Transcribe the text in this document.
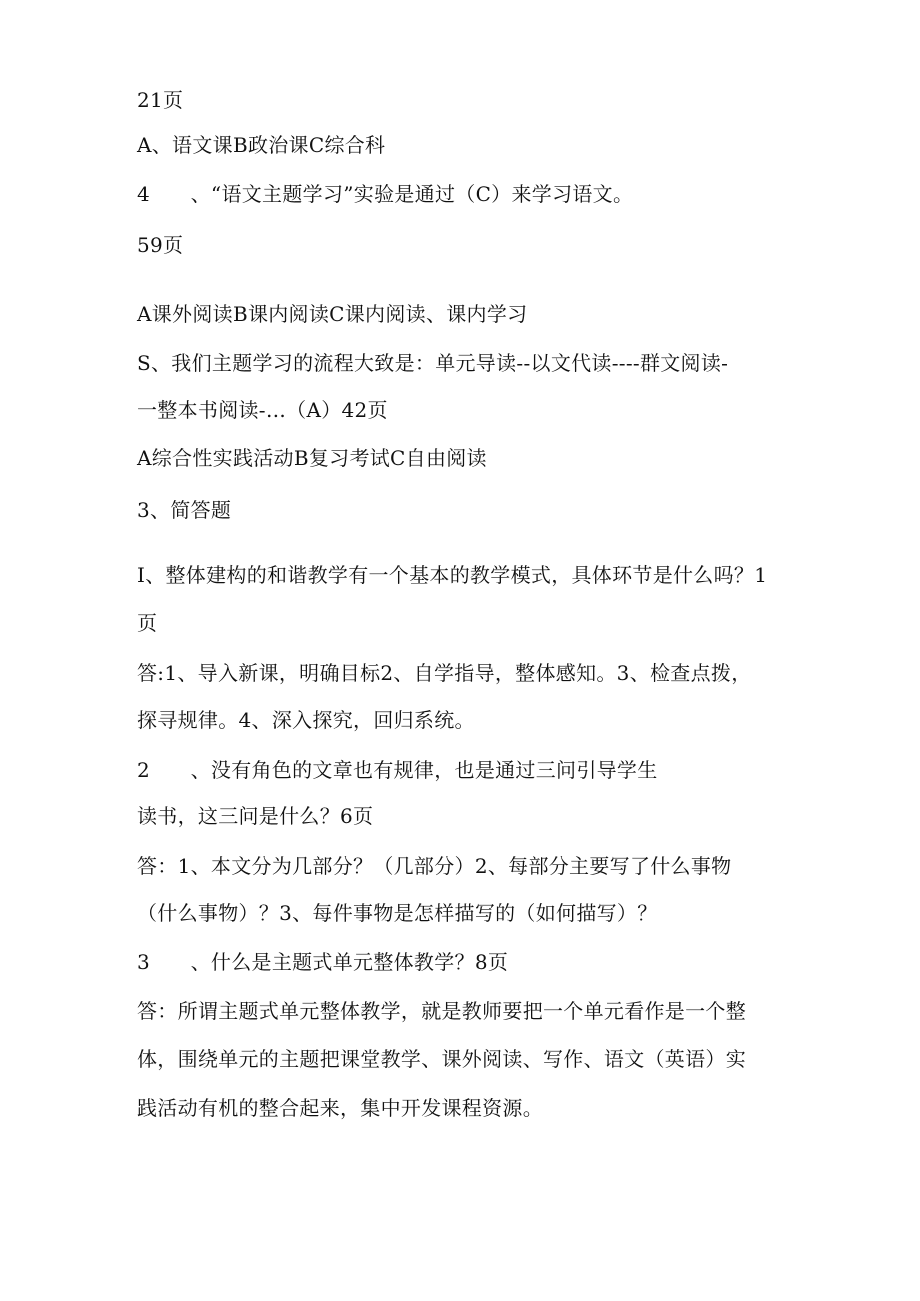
21页
A、语文课B政治课C综合科
4　　、“语文主题学习”实验是通过（C）来学习语文。
59页
A课外阅读B课内阅读C课内阅读、课内学习
S、我们主题学习的流程大致是：单元导读--以文代读----群文阅读-
一整本书阅读-…（A）42页
A综合性实践活动B复习考试C自由阅读
3、简答题
I、整体建构的和谐教学有一个基本的教学模式，具体环节是什么吗？1
页
答:1、导入新课，明确目标2、自学指导，整体感知。3、检查点拨，
探寻规律。4、深入探究，回归系统。
2　　、没有角色的文章也有规律，也是通过三问引导学生
读书，这三问是什么？6页
答：1、本文分为几部分？（几部分）2、每部分主要写了什么事物
（什么事物）？3、每件事物是怎样描写的（如何描写）？
3　　、什么是主题式单元整体教学？8页
答：所谓主题式单元整体教学，就是教师要把一个单元看作是一个整
体，围绕单元的主题把课堂教学、课外阅读、写作、语文（英语）实
践活动有机的整合起来，集中开发课程资源。
